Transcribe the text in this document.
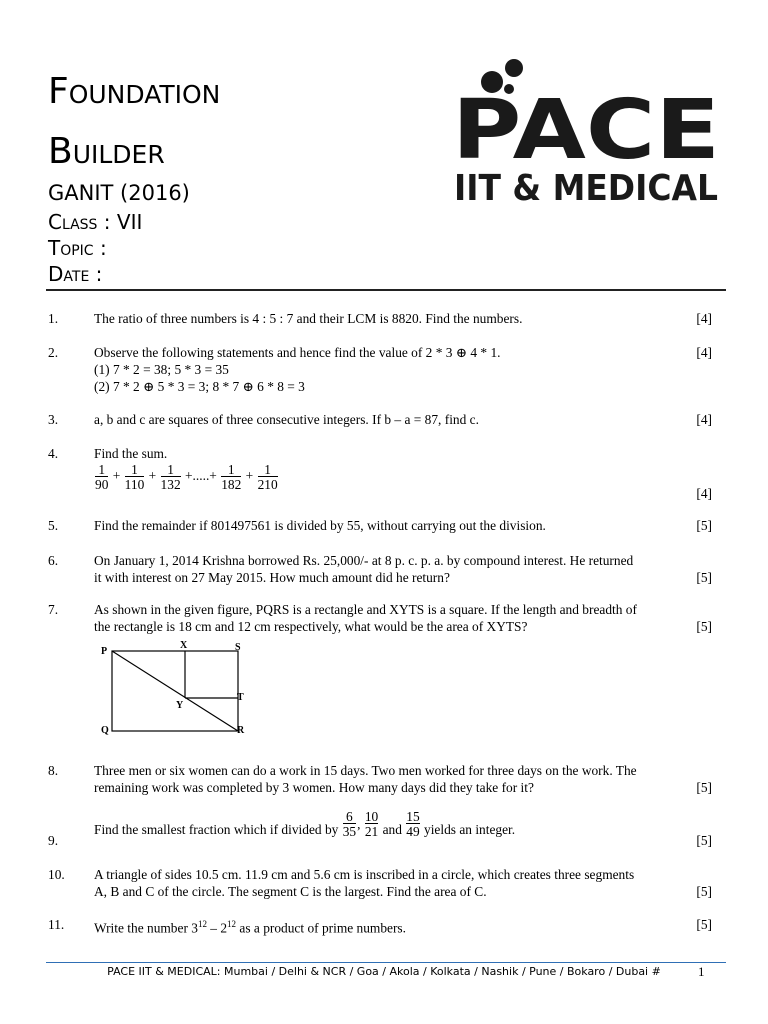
Foundation
Builder
GANIT (2016)
Class : VII
Topic :
Date :
PACE
IIT & MEDICAL
1.	The ratio of three numbers is 4 : 5 : 7 and their LCM is 8820. Find the numbers.	[4]
2.	Observe the following statements and hence find the value of 2 * 3 ⊕ 4 * 1.
(1) 7 * 2 = 38; 5 * 3 = 35
(2) 7 * 2 ⊕ 5 * 3 = 3; 8 * 7 ⊕ 6 * 8 = 3
[4]
3.	a, b and c are squares of three consecutive integers. If b – a = 87, find c.	[4]
4.	Find the sum.
$\frac{1}{90} + \frac{1}{110} + \frac{1}{132}$ +.....+ $\frac{1}{182} + \frac{1}{210}$
[4]
5.	Find the remainder if 801497561 is divided by 55, without carrying out the division.	[5]
6.	On January 1, 2014 Krishna borrowed Rs. 25,000/- at 8 p. c. p. a. by compound interest. He returned
it with interest on 27 May 2015. How much amount did he return?	[5]
7.	As shown in the given figure, PQRS is a rectangle and XYTS is a square. If the length and breadth of
the rectangle is 18 cm and 12 cm respectively, what would be the area of XYTS?	[5]
P
X	S
T
Y
Q	R
8.	Three men or six women can do a work in 15 days. Two men worked for three days on the work. The
remaining work was completed by 3 women. How many days did they take for it?	[5]
9.
Find the smallest fraction which if divided by $\frac{6}{35}$ , $\frac{10}{21}$ and $\frac{15}{49}$ yields an integer.
[5]
10. A triangle of sides 10.5 cm. 11.9 cm and 5.6 cm is inscribed in a circle, which creates three segments
A, B and C of the circle. The segment C is the largest. Find the area of C.	[5]
11. Write the number $3^{12} - 2^{12}$ as a product of prime numbers.	[5]
PACE IIT & MEDICAL: Mumbai / Delhi & NCR / Goa / Akola / Kolkata / Nashik / Pune / Bokaro / Dubai #	1
